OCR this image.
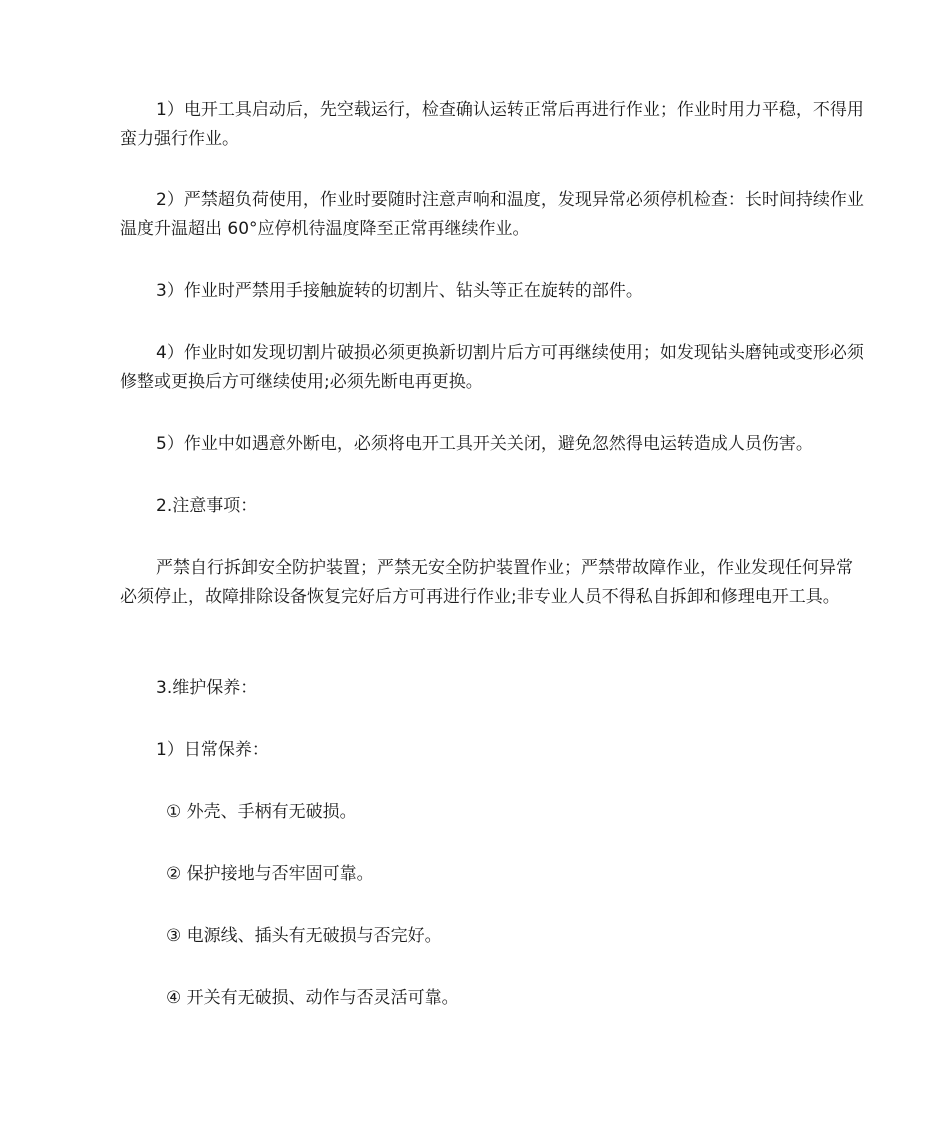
1）电开工具启动后，先空载运行，检查确认运转正常后再进行作业；作业时用力平稳，不得用蛮力强行作业。

2）严禁超负荷使用，作业时要随时注意声响和温度，发现异常必须停机检查：长时间持续作业温度升温超出 60°应停机待温度降至正常再继续作业。

3）作业时严禁用手接触旋转的切割片、钻头等正在旋转的部件。

4）作业时如发现切割片破损必须更换新切割片后方可再继续使用；如发现钻头磨钝或变形必须修整或更换后方可继续使用;必须先断电再更换。

5）作业中如遇意外断电，必须将电开工具开关关闭，避免忽然得电运转造成人员伤害。

2.注意事项：

严禁自行拆卸安全防护装置；严禁无安全防护装置作业；严禁带故障作业，作业发现任何异常必须停止，故障排除设备恢复完好后方可再进行作业;非专业人员不得私自拆卸和修理电开工具。

3.维护保养：

1）日常保养：

① 外壳、手柄有无破损。

② 保护接地与否牢固可靠。

③ 电源线、插头有无破损与否完好。

④ 开关有无破损、动作与否灵活可靠。
